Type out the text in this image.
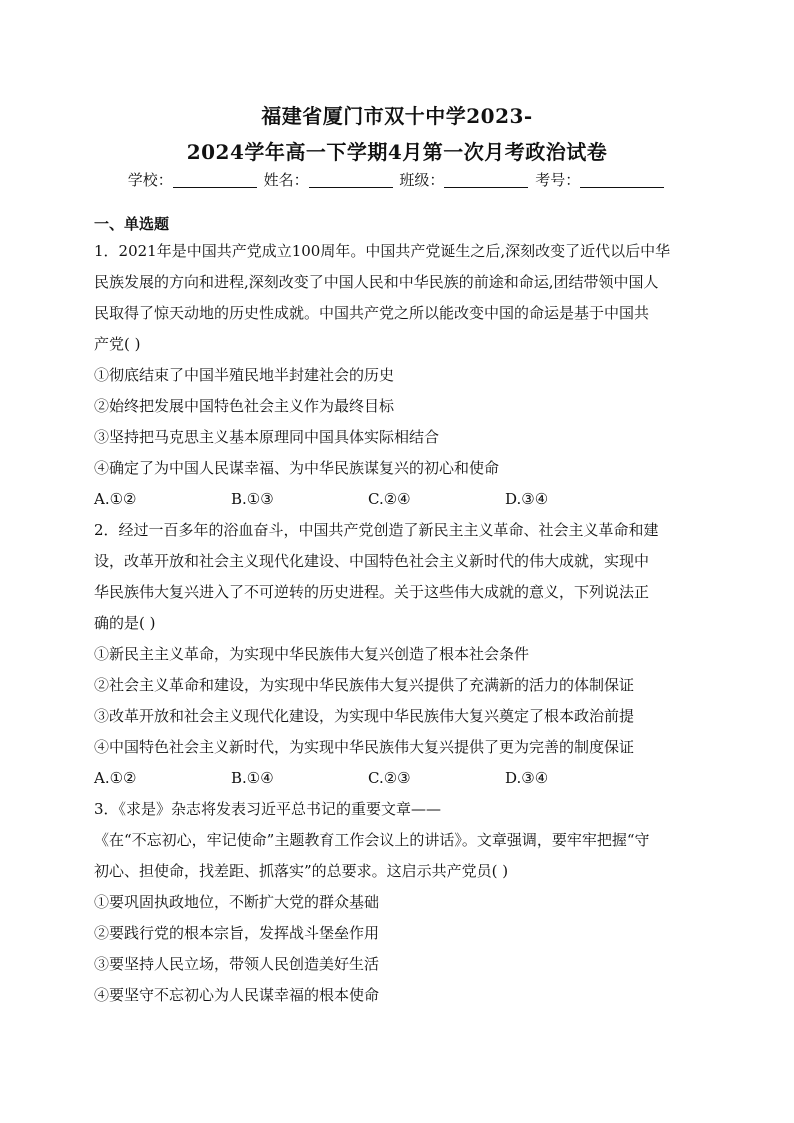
福建省厦门市双十中学2023-
2024学年高一下学期4月第一次月考政治试卷
学校：	姓名：	班级：	考号：
一、单选题

1．2021年是中国共产党成立100周年。中国共产党诞生之后,深刻改变了近代以后中华

民族发展的方向和进程,深刻改变了中国人民和中华民族的前途和命运,团结带领中国人

民取得了惊天动地的历史性成就。中国共产党之所以能改变中国的命运是基于中国共

产党( )

①彻底结束了中国半殖民地半封建社会的历史

②始终把发展中国特色社会主义作为最终目标

③坚持把马克思主义基本原理同中国具体实际相结合

④确定了为中国人民谋幸福、为中华民族谋复兴的初心和使命

A.①②	B.①③	C.②④	D.③④

2．经过一百多年的浴血奋斗，中国共产党创造了新民主主义革命、社会主义革命和建

设，改革开放和社会主义现代化建设、中国特色社会主义新时代的伟大成就，实现中

华民族伟大复兴进入了不可逆转的历史进程。关于这些伟大成就的意义，下列说法正

确的是( )

①新民主主义革命，为实现中华民族伟大复兴创造了根本社会条件

②社会主义革命和建设，为实现中华民族伟大复兴提供了充满新的活力的体制保证

③改革开放和社会主义现代化建设，为实现中华民族伟大复兴奠定了根本政治前提

④中国特色社会主义新时代，为实现中华民族伟大复兴提供了更为完善的制度保证

A.①②	B.①④	C.②③	D.③④

3．《求是》杂志将发表习近平总书记的重要文章——

《在“不忘初心，牢记使命”主题教育工作会议上的讲话》。文章强调，要牢牢把握“守

初心、担使命，找差距、抓落实”的总要求。这启示共产党员( )

①要巩固执政地位，不断扩大党的群众基础

②要践行党的根本宗旨，发挥战斗堡垒作用

③要坚持人民立场，带领人民创造美好生活

④要坚守不忘初心为人民谋幸福的根本使命
